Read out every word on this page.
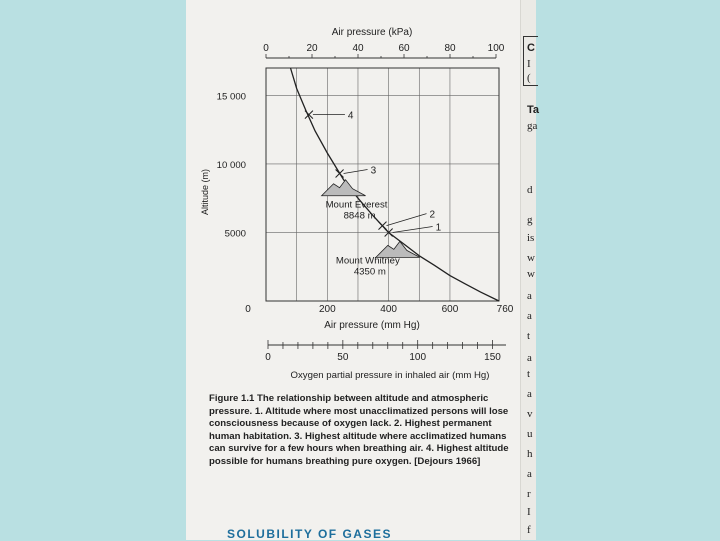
C
I
(
Ta
ga
d
g
is
w
w
a
a
t
a
t
a
v
u
h
a
r
I
f
Air pressure (kPa)
0	20	40	60	80	100
Altitude (m)
5000
10 000
15 000
0	200	400	600	760
Air pressure (mm Hg)
0	50	100	150
Oxygen partial pressure in inhaled air (mm Hg)
Mount Everest
8848 m
Mount Whitney
4350 m
1
2
3
4
Figure 1.1 The relationship between altitude and atmospheric pressure. 1. Altitude where most unacclimatized persons will lose consciousness because of oxygen lack. 2. Highest permanent human habitation. 3. Highest altitude where acclimatized humans can survive for a few hours when breathing air. 4. Highest altitude possible for humans breathing pure oxygen. [Dejours 1966]
SOLUBILITY OF GASES
